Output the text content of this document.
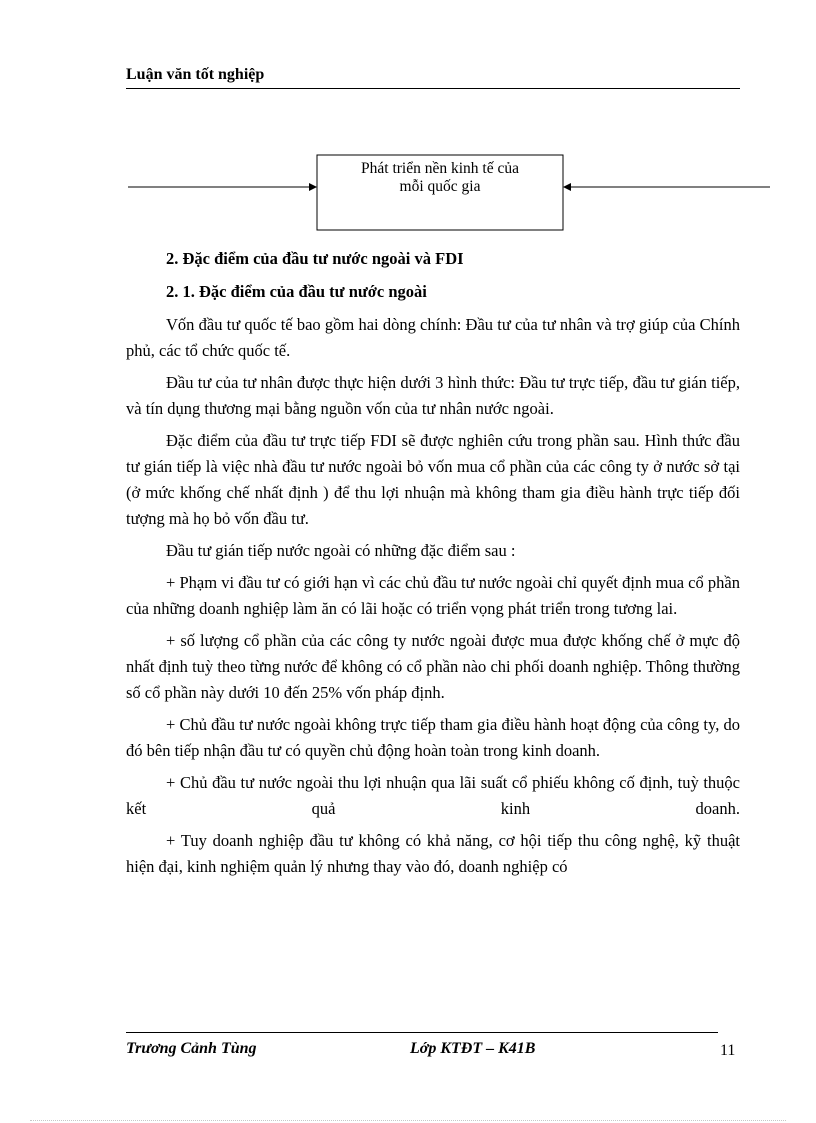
Luận văn tốt nghiệp
Phát triển nền kinh tế của
mỗi quốc gia

2. Đặc điểm của đầu tư nước ngoài và FDI

2. 1. Đặc điểm của đầu tư nước ngoài

Vốn đầu tư quốc tế bao gồm hai dòng chính: Đầu tư của tư nhân và trợ giúp của Chính phủ, các tổ chức quốc tế.

Đầu tư của tư nhân được thực hiện dưới 3 hình thức: Đầu tư trực tiếp, đầu tư gián tiếp, và tín dụng thương mại bằng nguồn vốn của tư nhân nước ngoài.

Đặc điểm của đầu tư trực tiếp FDI sẽ được nghiên cứu trong phần sau. Hình thức đầu tư gián tiếp là việc nhà đầu tư nước ngoài bỏ vốn mua cổ phần của các công ty ở nước sở tại (ở mức khống chế nhất định ) để thu lợi nhuận mà không tham gia điều hành trực tiếp đối tượng mà họ bỏ vốn đầu tư.

Đầu tư gián tiếp nước ngoài có những đặc điểm sau :

+ Phạm vi đầu tư có giới hạn vì các chủ đầu tư nước ngoài chỉ quyết định mua cổ phần của những doanh nghiệp làm ăn có lãi hoặc có triển vọng phát triển trong tương lai.

+ số lượng cổ phần của các công ty nước ngoài được mua được khống chế ở mực độ nhất định tuỳ theo từng nước để không có cổ phần nào chi phối doanh nghiệp. Thông thường số cổ phần này dưới 10 đến 25% vốn pháp định.

+ Chủ đầu tư nước ngoài không trực tiếp tham gia điều hành hoạt động của công ty, do đó bên tiếp nhận đầu tư có quyền chủ động hoàn toàn trong kinh doanh.

+ Chủ đầu tư nước ngoài thu lợi nhuận qua lãi suất cổ phiếu không cố định, tuỳ thuộc kết quả kinh doanh.

+ Tuy doanh nghiệp đầu tư không có khả năng, cơ hội tiếp thu công nghệ, kỹ thuật hiện đại, kinh nghiệm quản lý nhưng thay vào đó, doanh nghiệp có

Trương Cảnh Tùng	Lớp KTĐT – K41B	11
